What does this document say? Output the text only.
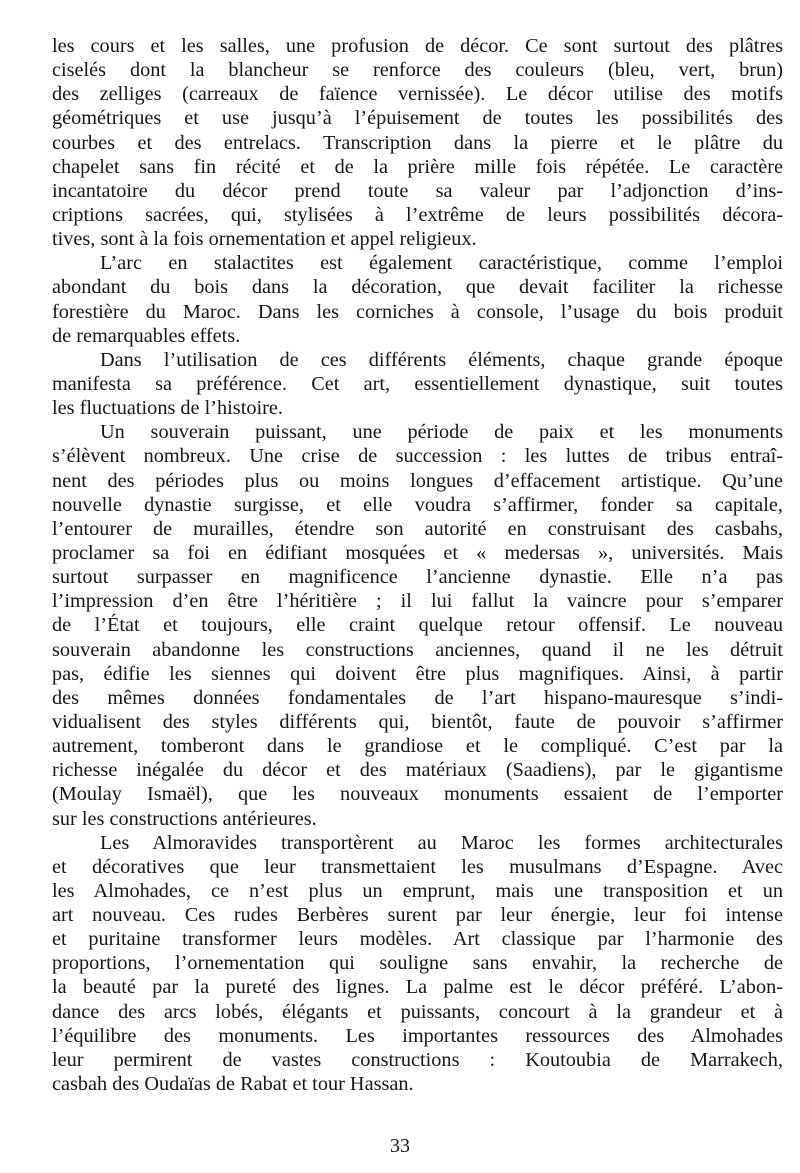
les cours et les salles, une profusion de décor. Ce sont surtout des plâtres
ciselés dont la blancheur se renforce des couleurs (bleu, vert, brun)
des zelliges (carreaux de faïence vernissée). Le décor utilise des motifs
géométriques et use jusqu’à l’épuisement de toutes les possibilités des
courbes et des entrelacs. Transcription dans la pierre et le plâtre du
chapelet sans fin récité et de la prière mille fois répétée. Le caractère
incantatoire du décor prend toute sa valeur par l’adjonction d’ins-
criptions sacrées, qui, stylisées à l’extrême de leurs possibilités décora-
tives, sont à la fois ornementation et appel religieux.
L’arc en stalactites est également caractéristique, comme l’emploi
abondant du bois dans la décoration, que devait faciliter la richesse
forestière du Maroc. Dans les corniches à console, l’usage du bois produit
de remarquables effets.
Dans l’utilisation de ces différents éléments, chaque grande époque
manifesta sa préférence. Cet art, essentiellement dynastique, suit toutes
les fluctuations de l’histoire.
Un souverain puissant, une période de paix et les monuments
s’élèvent nombreux. Une crise de succession : les luttes de tribus entraî-
nent des périodes plus ou moins longues d’effacement artistique. Qu’une
nouvelle dynastie surgisse, et elle voudra s’affirmer, fonder sa capitale,
l’entourer de murailles, étendre son autorité en construisant des casbahs,
proclamer sa foi en édifiant mosquées et « medersas », universités. Mais
surtout surpasser en magnificence l’ancienne dynastie. Elle n’a pas
l’impression d’en être l’héritière ; il lui fallut la vaincre pour s’emparer
de l’État et toujours, elle craint quelque retour offensif. Le nouveau
souverain abandonne les constructions anciennes, quand il ne les détruit
pas, édifie les siennes qui doivent être plus magnifiques. Ainsi, à partir
des mêmes données fondamentales de l’art hispano-mauresque s’indi-
vidualisent des styles différents qui, bientôt, faute de pouvoir s’affirmer
autrement, tomberont dans le grandiose et le compliqué. C’est par la
richesse inégalée du décor et des matériaux (Saadiens), par le gigantisme
(Moulay Ismaël), que les nouveaux monuments essaient de l’emporter
sur les constructions antérieures.
Les Almoravides transportèrent au Maroc les formes architecturales
et décoratives que leur transmettaient les musulmans d’Espagne. Avec
les Almohades, ce n’est plus un emprunt, mais une transposition et un
art nouveau. Ces rudes Berbères surent par leur énergie, leur foi intense
et puritaine transformer leurs modèles. Art classique par l’harmonie des
proportions, l’ornementation qui souligne sans envahir, la recherche de
la beauté par la pureté des lignes. La palme est le décor préféré. L’abon-
dance des arcs lobés, élégants et puissants, concourt à la grandeur et à
l’équilibre des monuments. Les importantes ressources des Almohades
leur permirent de vastes constructions : Koutoubia de Marrakech,
casbah des Oudaïas de Rabat et tour Hassan.
33
